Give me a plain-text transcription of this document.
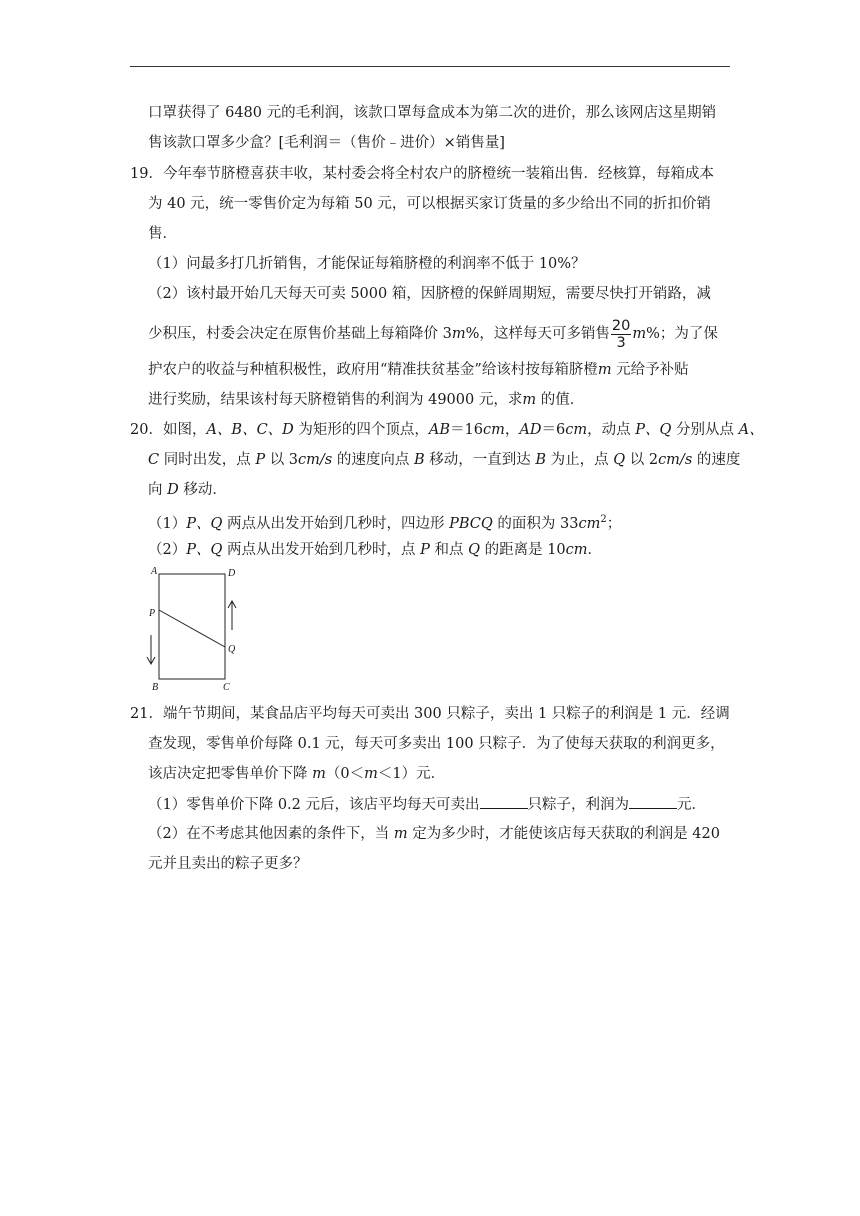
口罩获得了 6480 元的毛利润，该款口罩每盒成本为第二次的进价，那么该网店这星期销
售该款口罩多少盒？[毛利润＝（售价﹣进价）×销售量]
19．今年奉节脐橙喜获丰收，某村委会将全村农户的脐橙统一装箱出售．经核算，每箱成本
为 40 元，统一零售价定为每箱 50 元，可以根据买家订货量的多少给出不同的折扣价销
售．
（1）问最多打几折销售，才能保证每箱脐橙的利润率不低于 10%？
（2）该村最开始几天每天可卖 5000 箱，因脐橙的保鲜周期短，需要尽快打开销路，减
少积压，村委会决定在原售价基础上每箱降价 3m%，这样每天可多销售 $\frac{20}{3} m\%$；为了保
护农户的收益与种植积极性，政府用“精准扶贫基金”给该村按每箱脐橙m 元给予补贴
进行奖励，结果该村每天脐橙销售的利润为 49000 元，求m 的值．
20．如图，A、B、C、D 为矩形的四个顶点，AB＝16cm，AD＝6cm，动点 P、Q 分别从点 A、
C 同时出发，点 P 以 3cm/s 的速度向点 B 移动，一直到达 B 为止，点 Q 以 2cm/s 的速度
向 D 移动．
（1）P、Q 两点从出发开始到几秒时，四边形 PBCQ 的面积为 $33cm^2$；
（2）P、Q 两点从出发开始到几秒时，点 P 和点 Q 的距离是 10cm．
A	D
P
Q
B	C
21．端午节期间，某食品店平均每天可卖出 300 只粽子，卖出 1 只粽子的利润是 1 元．经调
查发现，零售单价每降 0.1 元，每天可多卖出 100 只粽子．为了使每天获取的利润更多，
该店决定把零售单价下降 m（0＜m＜1）元．
（1）零售单价下降 0.2 元后，该店平均每天可卖出	只粽子，利润为	元．
（2）在不考虑其他因素的条件下，当 m 定为多少时，才能使该店每天获取的利润是 420
元并且卖出的粽子更多？
